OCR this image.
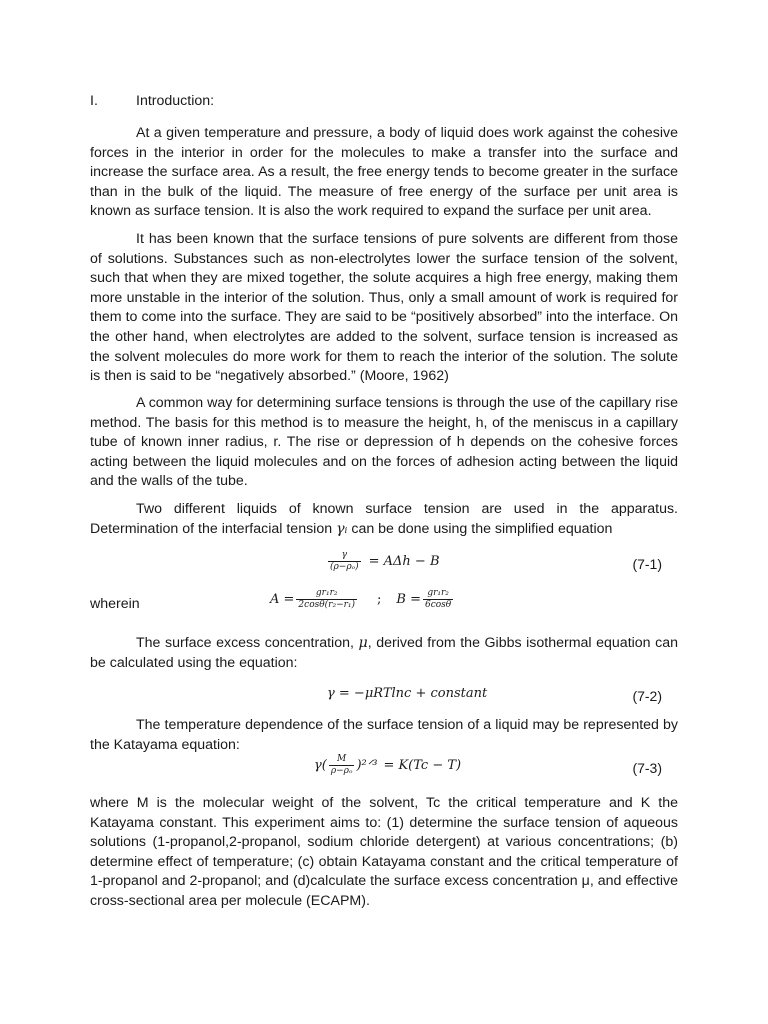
I.	Introduction:

At a given temperature and pressure, a body of liquid does work against the cohesive forces in the interior in order for the molecules to make a transfer into the surface and increase the surface area. As a result, the free energy tends to become greater in the surface than in the bulk of the liquid. The measure of free energy of the surface per unit area is known as surface tension. It is also the work required to expand the surface per unit area.

It has been known that the surface tensions of pure solvents are different from those of solutions. Substances such as non-electrolytes lower the surface tension of the solvent, such that when they are mixed together, the solute acquires a high free energy, making them more unstable in the interior of the solution. Thus, only a small amount of work is required for them to come into the surface. They are said to be “positively absorbed” into the interface. On the other hand, when electrolytes are added to the solvent, surface tension is increased as the solvent molecules do more work for them to reach the interior of the solution. The solute is then is said to be “negatively absorbed.” (Moore, 1962)

A common way for determining surface tensions is through the use of the capillary rise method. The basis for this method is to measure the height, h, of the meniscus in a capillary tube of known inner radius, r. The rise or depression of h depends on the cohesive forces acting between the liquid molecules and on the forces of adhesion acting between the liquid and the walls of the tube.

Two different liquids of known surface tension are used in the apparatus. Determination of the interfacial tension γᵢ can be done using the simplified equation

$\frac{\gamma}{\text{(ρ−ρₒ)}} = A\Delta h - B$	(7-1)
wherein	$A = \frac{\text{gr₁r₂}}{\text{2cosθ(r₂−r₁)}}$ ; $B = \frac{\text{gr₁r₂}}{6\cos\theta}$

The surface excess concentration, μ, derived from the Gibbs isothermal equation can be calculated using the equation:

γ = −μRTlnc + constant	(7-2)

The temperature dependence of the surface tension of a liquid may be represented by the Katayama equation:

$\gamma( \frac{M}{\text{ρ−ρₒ}}$ )²ᐟ³ = K(Tc − T)	(7-3)

where M is the molecular weight of the solvent, Tc the critical temperature and K the Katayama constant. This experiment aims to: (1) determine the surface tension of aqueous solutions (1-propanol,2-propanol, sodium chloride detergent) at various concentrations; (b) determine effect of temperature; (c) obtain Katayama constant and the critical temperature of 1-propanol and 2-propanol; and (d)calculate the surface excess concentration μ, and effective cross-sectional area per molecule (ECAPM).
